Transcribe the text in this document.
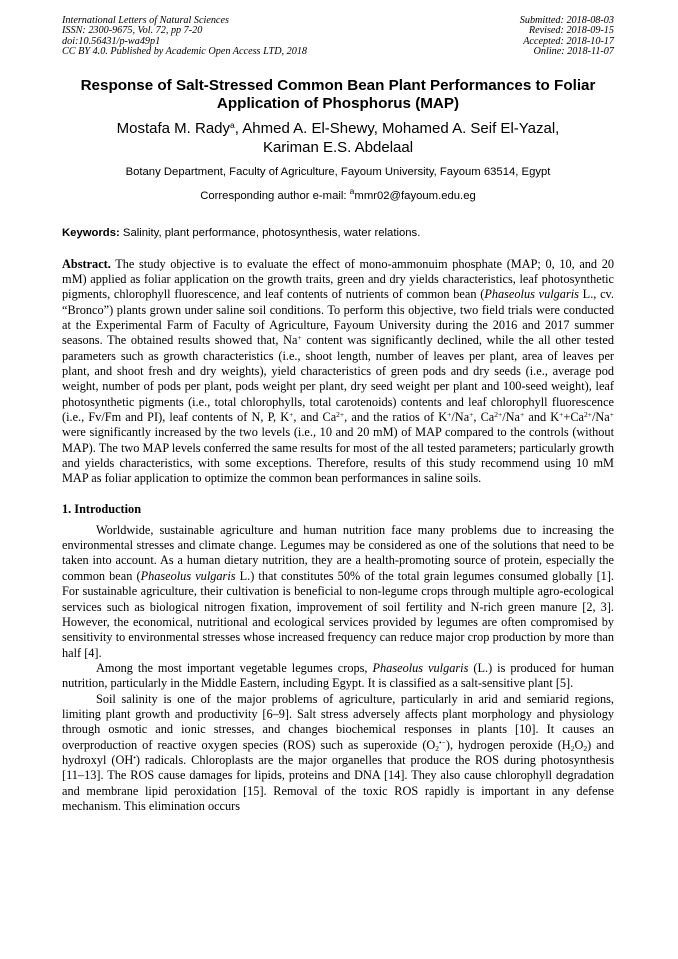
International Letters of Natural Sciences
ISSN: 2300-9675, Vol. 72, pp 7-20
doi:10.56431/p-wa49p1
CC BY 4.0. Published by Academic Open Access LTD, 2018
Submitted: 2018-08-03
Revised: 2018-09-15
Accepted: 2018-10-17
Online: 2018-11-07
Response of Salt-Stressed Common Bean Plant Performances to Foliar Application of Phosphorus (MAP)
Mostafa M. Rady$^a$, Ahmed A. El-Shewy, Mohamed A. Seif El-Yazal,
Kariman E.S. Abdelaal
Botany Department, Faculty of Agriculture, Fayoum University, Fayoum 63514, Egypt
Corresponding author e-mail: $^a$mmr02@fayoum.edu.eg
Keywords: Salinity, plant performance, photosynthesis, water relations.
Abstract. The study objective is to evaluate the effect of mono-ammonuim phosphate (MAP; 0, 10, and 20 mM) applied as foliar application on the growth traits, green and dry yields characteristics, leaf photosynthetic pigments, chlorophyll fluorescence, and leaf contents of nutrients of common bean (Phaseolus vulgaris L., cv. “Bronco”) plants grown under saline soil conditions. To perform this objective, two field trials were conducted at the Experimental Farm of Faculty of Agriculture, Fayoum University during the 2016 and 2017 summer seasons. The obtained results showed that, Na+ content was significantly declined, while the all other tested parameters such as growth characteristics (i.e., shoot length, number of leaves per plant, area of leaves per plant, and shoot fresh and dry weights), yield characteristics of green pods and dry seeds (i.e., average pod weight, number of pods per plant, pods weight per plant, dry seed weight per plant and 100-seed weight), leaf photosynthetic pigments (i.e., total chlorophylls, total carotenoids) contents and leaf chlorophyll fluorescence (i.e., Fv/Fm and PI), leaf contents of N, P, K+, and $Ca^{2+}$, and the ratios of K+/Na+, $Ca^{2+}/Na^+$ and $K^++Ca^{2+}/Na^+$ were significantly increased by the two levels (i.e., 10 and 20 mM) of MAP compared to the controls (without MAP). The two MAP levels conferred the same results for most of the all tested parameters; particularly growth and yields characteristics, with some exceptions. Therefore, results of this study recommend using 10 mM MAP as foliar application to optimize the common bean performances in saline soils.
1. Introduction
Worldwide, sustainable agriculture and human nutrition face many problems due to increasing the environmental stresses and climate change. Legumes may be considered as one of the solutions that need to be taken into account. As a human dietary nutrition, they are a health-promoting source of protein, especially the common bean (Phaseolus vulgaris L.) that constitutes 50% of the total grain legumes consumed globally [1]. For sustainable agriculture, their cultivation is beneficial to non-legume crops through multiple agro-ecological services such as biological nitrogen fixation, improvement of soil fertility and N-rich green manure [2, 3]. However, the economical, nutritional and ecological services provided by legumes are often compromised by sensitivity to environmental stresses whose increased frequency can reduce major crop production by more than half [4].
Among the most important vegetable legumes crops, Phaseolus vulgaris (L.) is produced for human nutrition, particularly in the Middle Eastern, including Egypt. It is classified as a salt-sensitive plant [5].
Soil salinity is one of the major problems of agriculture, particularly in arid and semiarid regions, limiting plant growth and productivity [6–9]. Salt stress adversely affects plant morphology and physiology through osmotic and ionic stresses, and changes biochemical responses in plants [10]. It causes an overproduction of reactive oxygen species (ROS) such as superoxide $(O_2^{•-})$, hydrogen peroxide $(H_2O_2)$ and hydroxyl (OH•) radicals. Chloroplasts are the major organelles that produce the ROS during photosynthesis [11–13]. The ROS cause damages for lipids, proteins and DNA [14]. They also cause chlorophyll degradation and membrane lipid peroxidation [15]. Removal of the toxic ROS rapidly is important in any defense mechanism. This elimination occurs
